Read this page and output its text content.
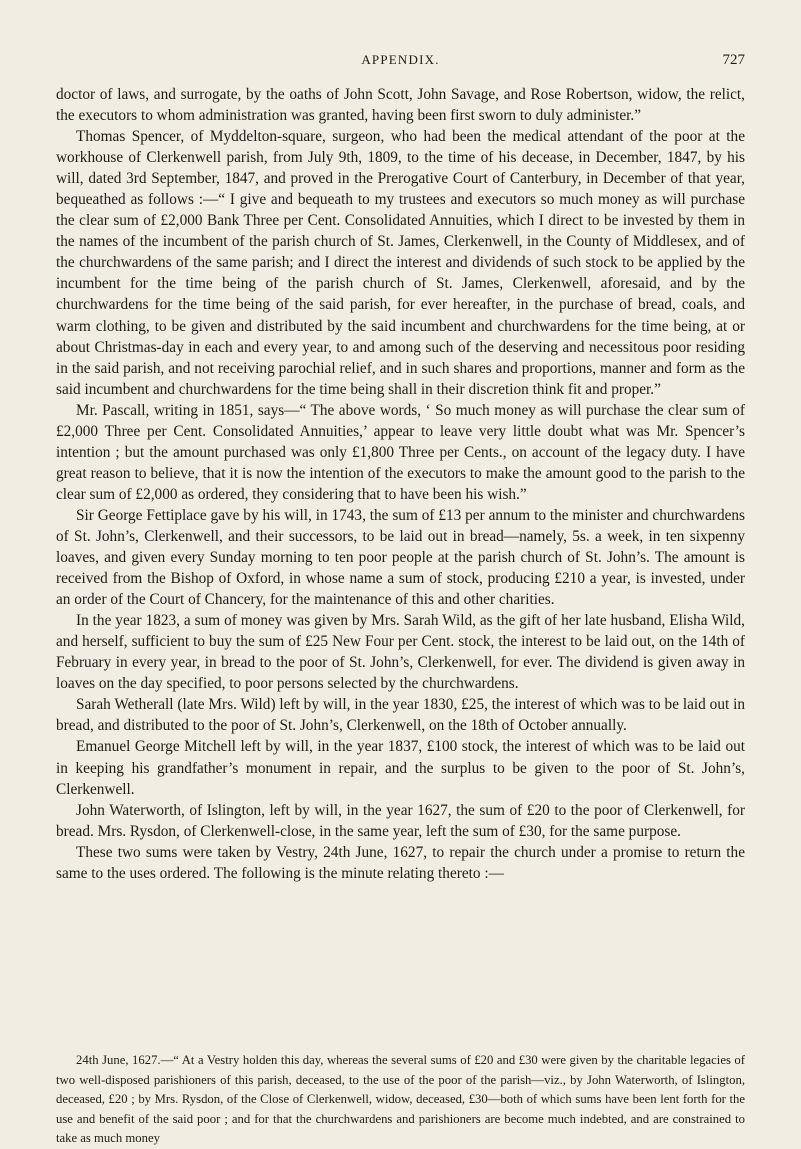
APPENDIX.	727

doctor of laws, and surrogate, by the oaths of John Scott, John Savage, and Rose Robertson, widow, the relict, the executors to whom administration was granted, having been first sworn to duly administer.”

Thomas Spencer, of Myddelton-square, surgeon, who had been the medical attendant of the poor at the workhouse of Clerkenwell parish, from July 9th, 1809, to the time of his decease, in December, 1847, by his will, dated 3rd September, 1847, and proved in the Prerogative Court of Canterbury, in December of that year, bequeathed as follows :—“ I give and bequeath to my trustees and executors so much money as will purchase the clear sum of £2,000 Bank Three per Cent. Consolidated Annuities, which I direct to be invested by them in the names of the incumbent of the parish church of St. James, Clerkenwell, in the County of Middlesex, and of the churchwardens of the same parish; and I direct the interest and dividends of such stock to be applied by the incumbent for the time being of the parish church of St. James, Clerkenwell, aforesaid, and by the churchwardens for the time being of the said parish, for ever hereafter, in the purchase of bread, coals, and warm clothing, to be given and distributed by the said incumbent and churchwardens for the time being, at or about Christmas-day in each and every year, to and among such of the deserving and necessitous poor residing in the said parish, and not receiving parochial relief, and in such shares and proportions, manner and form as the said incumbent and churchwardens for the time being shall in their discretion think fit and proper.”

Mr. Pascall, writing in 1851, says—“ The above words, ‘ So much money as will purchase the clear sum of £2,000 Three per Cent. Consolidated Annuities,’ appear to leave very little doubt what was Mr. Spencer’s intention ; but the amount purchased was only £1,800 Three per Cents., on account of the legacy duty. I have great reason to believe, that it is now the intention of the executors to make the amount good to the parish to the clear sum of £2,000 as ordered, they considering that to have been his wish.”

Sir George Fettiplace gave by his will, in 1743, the sum of £13 per annum to the minister and churchwardens of St. John’s, Clerkenwell, and their successors, to be laid out in bread—namely, 5s. a week, in ten sixpenny loaves, and given every Sunday morning to ten poor people at the parish church of St. John’s. The amount is received from the Bishop of Oxford, in whose name a sum of stock, producing £210 a year, is invested, under an order of the Court of Chancery, for the maintenance of this and other charities.

In the year 1823, a sum of money was given by Mrs. Sarah Wild, as the gift of her late husband, Elisha Wild, and herself, sufficient to buy the sum of £25 New Four per Cent. stock, the interest to be laid out, on the 14th of February in every year, in bread to the poor of St. John’s, Clerkenwell, for ever. The dividend is given away in loaves on the day specified, to poor persons selected by the churchwardens.

Sarah Wetherall (late Mrs. Wild) left by will, in the year 1830, £25, the interest of which was to be laid out in bread, and distributed to the poor of St. John’s, Clerkenwell, on the 18th of October annually.

Emanuel George Mitchell left by will, in the year 1837, £100 stock, the interest of which was to be laid out in keeping his grandfather’s monument in repair, and the surplus to be given to the poor of St. John’s, Clerkenwell.

John Waterworth, of Islington, left by will, in the year 1627, the sum of £20 to the poor of Clerkenwell, for bread. Mrs. Rysdon, of Clerkenwell-close, in the same year, left the sum of £30, for the same purpose.

These two sums were taken by Vestry, 24th June, 1627, to repair the church under a promise to return the same to the uses ordered. The following is the minute relating thereto :—

24th June, 1627.—“ At a Vestry holden this day, whereas the several sums of £20 and £30 were given by the charitable legacies of two well-disposed parishioners of this parish, deceased, to the use of the poor of the parish—viz., by John Waterworth, of Islington, deceased, £20 ; by Mrs. Rysdon, of the Close of Clerkenwell, widow, deceased, £30—both of which sums have been lent forth for the use and benefit of the said poor ; and for that the churchwardens and parishioners are become much indebted, and are constrained to take as much money
